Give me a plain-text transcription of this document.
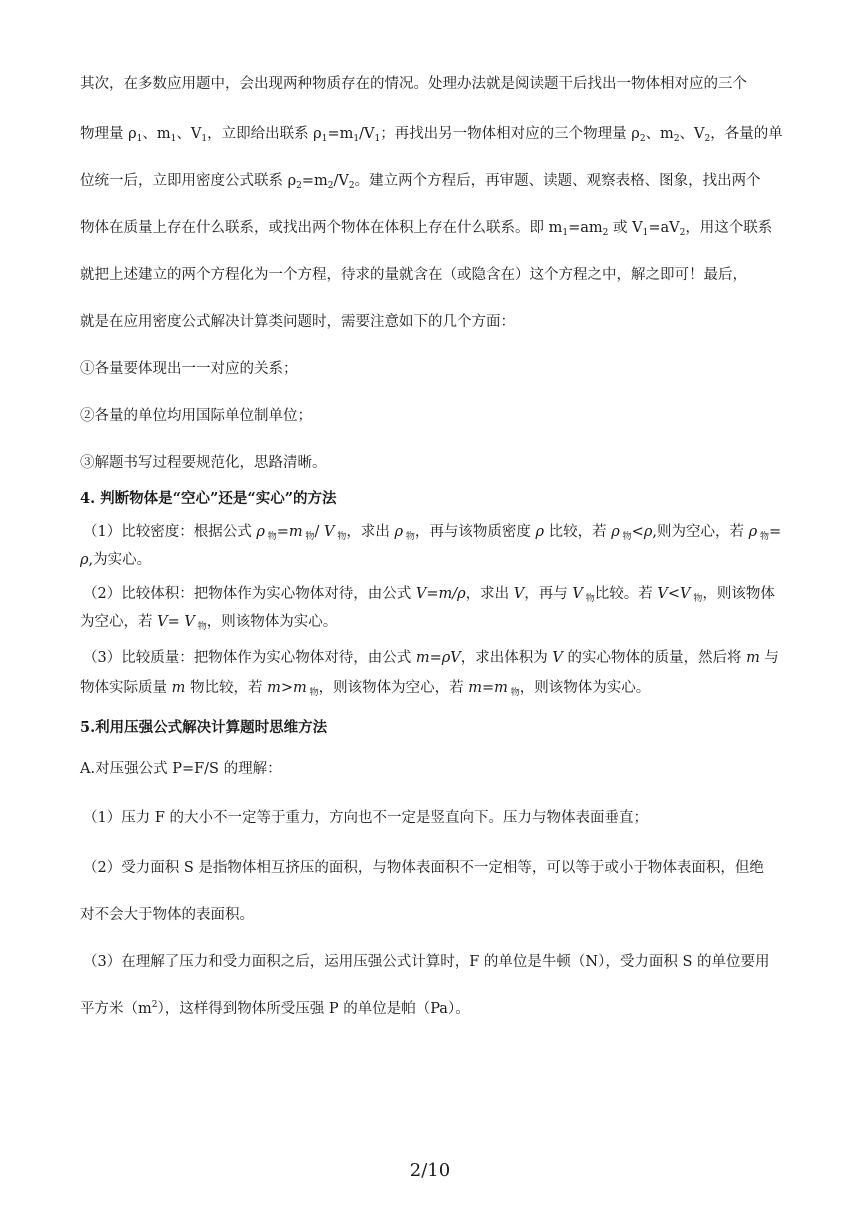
其次，在多数应用题中，会出现两种物质存在的情况。处理办法就是阅读题干后找出一物体相对应的三个
物理量 $\rho_1$、$m_1$、$V_1$，立即给出联系 $\rho_1=m_1/V_1$；再找出另一物体相对应的三个物理量 $\rho_2$、$m_2$、$V_2$，各量的单
位统一后，立即用密度公式联系 $\rho_2=m_2/V_2$。建立两个方程后，再审题、读题、观察表格、图象，找出两个
物体在质量上存在什么联系，或找出两个物体在体积上存在什么联系。即 $m_1=am_2$ 或 $V_1=aV_2$，用这个联系
就把上述建立的两个方程化为一个方程，待求的量就含在（或隐含在）这个方程之中，解之即可！最后，
就是在应用密度公式解决计算类问题时，需要注意如下的几个方面：
①各量要体现出一一对应的关系；
②各量的单位均用国际单位制单位；
③解题书写过程要规范化，思路清晰。
4. 判断物体是“空心”还是“实心”的方法
（1）比较密度：根据公式 ρ $_物$=m $_物$/ V $_物$，求出 ρ $_物$，再与该物质密度 ρ 比较，若 ρ $_物$<ρ,则为空心，若 ρ $_物$=
ρ,为实心。
（2）比较体积：把物体作为实心物体对待，由公式 V=m/ρ，求出 V，再与 V $_物$比较。若 V<V $_物$，则该物体
为空心，若 V= V $_物$，则该物体为实心。
（3）比较质量：把物体作为实心物体对待，由公式 m=ρV，求出体积为 V 的实心物体的质量，然后将 m 与
物体实际质量 m 物比较，若 m>m $_物$，则该物体为空心，若 m=m $_物$，则该物体为实心。
5.利用压强公式解决计算题时思维方法
A.对压强公式 P=F/S 的理解：
（1）压力 F 的大小不一定等于重力，方向也不一定是竖直向下。压力与物体表面垂直；
（2）受力面积 S 是指物体相互挤压的面积，与物体表面积不一定相等，可以等于或小于物体表面积，但绝
对不会大于物体的表面积。
（3）在理解了压力和受力面积之后，运用压强公式计算时，F 的单位是牛顿（N），受力面积 S 的单位要用
平方米$(m^2)$，这样得到物体所受压强 P 的单位是帕（Pa）。
2/10
